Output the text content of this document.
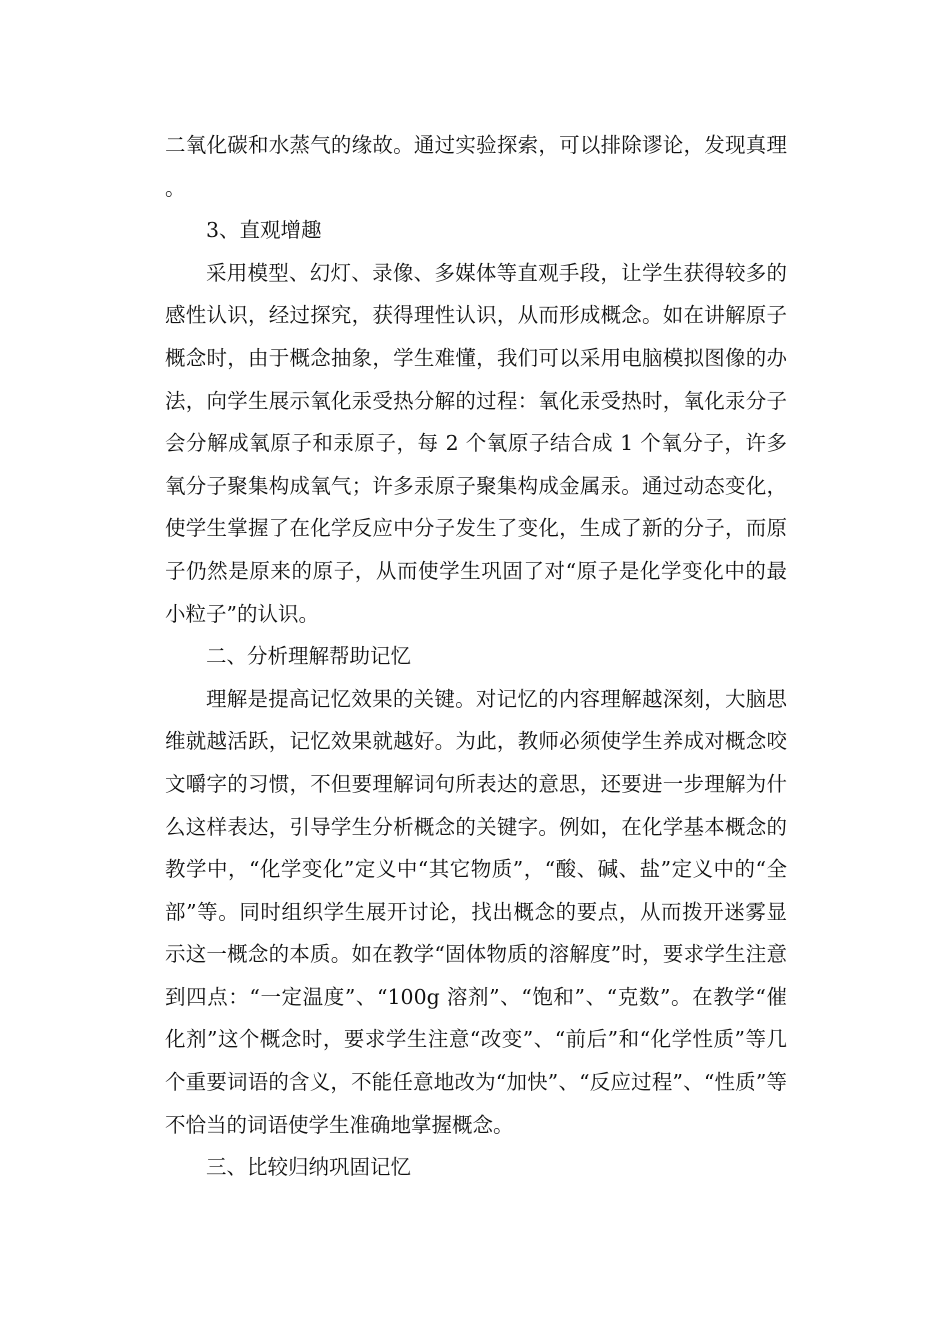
二氧化碳和水蒸气的缘故。通过实验探索，可以排除谬论，发现真理。

3、直观增趣

采用模型、幻灯、录像、多媒体等直观手段，让学生获得较多的感性认识，经过探究，获得理性认识，从而形成概念。如在讲解原子概念时，由于概念抽象，学生难懂，我们可以采用电脑模拟图像的办法，向学生展示氧化汞受热分解的过程：氧化汞受热时，氧化汞分子会分解成氧原子和汞原子，每 2 个氧原子结合成 1 个氧分子，许多氧分子聚集构成氧气；许多汞原子聚集构成金属汞。通过动态变化，使学生掌握了在化学反应中分子发生了变化，生成了新的分子，而原子仍然是原来的原子，从而使学生巩固了对“原子是化学变化中的最小粒子”的认识。

二、分析理解帮助记忆

理解是提高记忆效果的关键。对记忆的内容理解越深刻，大脑思维就越活跃，记忆效果就越好。为此，教师必须使学生养成对概念咬文嚼字的习惯，不但要理解词句所表达的意思，还要进一步理解为什么这样表达，引导学生分析概念的关键字。例如，在化学基本概念的教学中，“化学变化”定义中“其它物质”，“酸、碱、盐”定义中的“全部”等。同时组织学生展开讨论，找出概念的要点，从而拨开迷雾显示这一概念的本质。如在教学“固体物质的溶解度”时，要求学生注意到四点：“一定温度”、“100g 溶剂”、“饱和”、“克数”。在教学“催化剂”这个概念时，要求学生注意“改变”、“前后”和“化学性质”等几个重要词语的含义，不能任意地改为“加快”、“反应过程”、“性质”等不恰当的词语使学生准确地掌握概念。

三、比较归纳巩固记忆
